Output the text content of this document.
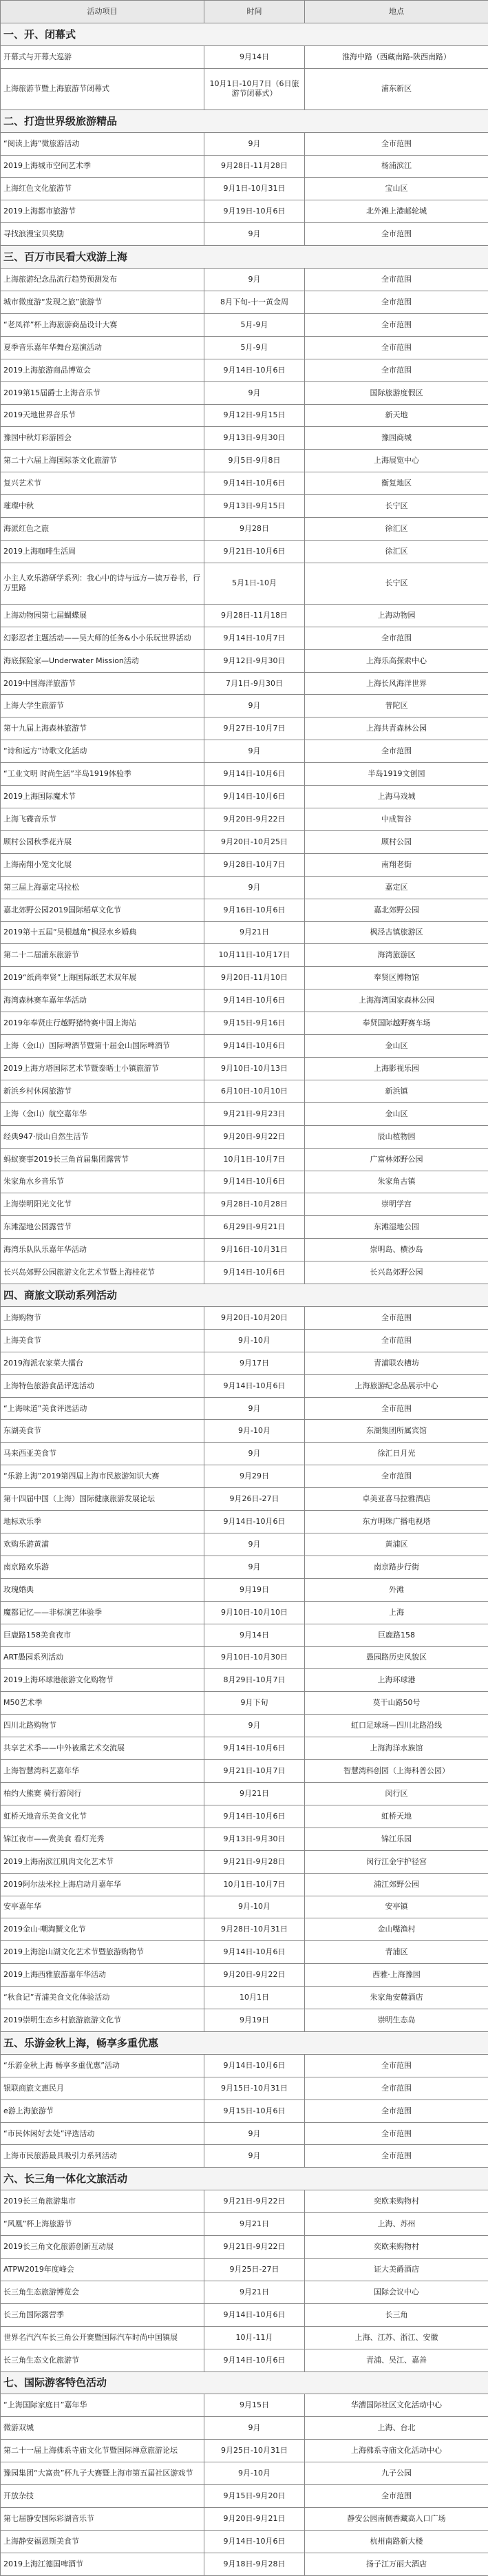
活动项目	时间	地点
一、开、闭幕式		
开幕式与开幕大巡游	9月14日	淮海中路（西藏南路-陕西南路）
上海旅游节暨上海旅游节闭幕式	10月1日-10月7日（6日旅游节闭幕式）	浦东新区
二、打造世界级旅游精品		
“阅读上海”微旅游活动	9月	全市范围
2019上海城市空间艺术季	9月28日-11月28日	杨浦滨江
上海红色文化旅游节	9月1日-10月31日	宝山区
2019上海都市旅游节	9月19日-10月6日	北外滩上港邮轮城
寻找浪漫宝贝奖励	9月	全市范围
三、百万市民看大戏游上海		
上海旅游纪念品流行趋势预测发布	9月	全市范围
城市微度游“发现之旅”旅游节	8月下旬-十一黄金周	全市范围
“老凤祥”杯上海旅游商品设计大赛	5月-9月	全市范围
夏季音乐嘉年华舞台巡演活动	5月-9月	全市范围
2019上海旅游商品博览会	9月14日-10月6日	全市范围
2019第15届爵士上海音乐节	9月	国际旅游度假区
2019天地世界音乐节	9月12日-9月15日	新天地
豫园中秋灯彩游园会	9月13日-9月30日	豫园商城
第二十六届上海国际茶文化旅游节	9月5日-9月8日	上海展览中心
复兴艺术节	9月14日-10月6日	衡复地区
璀璨中秋	9月13日-9月15日	长宁区
海派红色之旅	9月28日	徐汇区
2019上海咖啡生活周	9月21日-10月6日	徐汇区
小主人欢乐游研学系列：我心中的诗与远方—读万卷书，行万里路	5月1日-10月	长宁区
上海动物园第七届蝴蝶展	9月28日-11月18日	上海动物园
幻影忍者主题活动——吴大师的任务&小小乐玩世界活动	9月14日-10月7日	全市范围
海底探险家—Underwater Mission活动	9月12日-9月30日	上海乐高探索中心
2019中国海洋旅游节	7月1日-9月30日	上海长风海洋世界
上海大学生旅游节	9月	普陀区
第十九届上海森林旅游节	9月27日-10月7日	上海共青森林公园
“诗和远方”诗歌文化活动	9月	全市范围
“工业文明 时尚生活”半岛1919体验季	9月14日-10月6日	半岛1919文创园
2019上海国际魔术节	9月14日-10月6日	上海马戏城
上海飞碟音乐节	9月20日-9月22日	中成智谷
顾村公园秋季花卉展	9月20日-10月25日	顾村公园
上海南翔小笼文化展	9月28日-10月7日	南翔老街
第三届上海嘉定马拉松	9月	嘉定区
嘉北郊野公园2019国际稻草文化节	9月16日-10月6日	嘉北郊野公园
2019第十五届“吴根越角”枫泾水乡婚典	9月21日	枫泾古镇旅游区
第二十二届浦东旅游节	10月11日-10月17日	海湾旅游区
2019“纸尚奉贤”上海国际纸艺术双年展	9月20日-11月10日	奉贤区博物馆
海湾森林赛车嘉年华活动	9月14日-10月6日	上海海湾国家森林公园
2019年奉贤庄行越野猪特赛中国上海站	9月15日-9月16日	奉贤国际越野赛车场
上海（金山）国际啤酒节暨第十届金山国际啤酒节	9月14日-10月6日	金山区
2019上海方塔国际艺术节暨泰晤士小镇旅游节	9月10日-10月13日	上海影视乐园
新浜乡村休闲旅游节	6月10日-10月10日	新浜镇
上海（金山）航空嘉年华	9月21日-9月23日	金山区
经典947·辰山自然生活节	9月20日-9月22日	辰山植物园
蚂蚁赛事2019长三角首届集团露营节	10月1日-10月7日	广富林郊野公园
朱家角水乡音乐节	9月14日-10月6日	朱家角古镇
上海崇明阳光文化节	9月28日-10月28日	崇明学宫
东滩湿地公园露营节	6月29日-9月21日	东滩湿地公园
海湾乐队队乐嘉年华活动	9月16日-10月31日	崇明岛、横沙岛
长兴岛郊野公园旅游文化艺术节暨上海桂花节	9月14日-10月6日	长兴岛郊野公园
四、商旅文联动系列活动		
上海购物节	9月20日-10月20日	全市范围
上海美食节	9月-10月	全市范围
2019海派农家菜大擂台	9月17日	青浦联农槽坊
上海特色旅游食品评选活动	9月14日-10月6日	上海旅游纪念品展示中心
“上海味道”美食评选活动	9月	全市范围
东湖美食节	9月-10月	东湖集团所属宾馆
马来西亚美食节	9月	徐汇日月光
“乐游上海”2019第四届上海市民旅游知识大赛	9月29日	全市范围
第十四届中国（上海）国际健康旅游发展论坛	9月26日-27日	卓美亚喜马拉雅酒店
地标欢乐季	9月14日-10月6日	东方明珠广播电视塔
欢购乐游黄浦	9月	黄浦区
南京路欢乐游	9月	南京路步行街
玫瑰婚典	9月19日	外滩
魔都记忆——非标演艺体验季	9月10日-10月10日	上海
巨鹿路158美食夜市	9月14日	巨鹿路158
ART愚园系列活动	9月10日-10月30日	愚园路历史风貌区
2019上海环球港旅游文化购物节	8月29日-10月7日	上海环球港
M50艺术季	9月下旬	莫干山路50号
四川北路购物节	9月	虹口足球场—四川北路沿线
共享艺术季——中外被熏艺术交流展	9月14日-10月6日	上海海洋水族馆
上海智慧湾科艺嘉年华	9月21日-10月7日	智慧湾科创园（上海科普公园）
柏约大熊赛 骑行游闵行	9月21日	闵行区
虹桥天地音乐美食文化节	9月14日-10月6日	虹桥天地
锦江夜市——赏美食 看灯光秀	9月13日-9月30日	锦江乐园
2019上海南滨江肌肉文化艺术节	9月21日-9月28日	闵行江金宇护径宫
2019阿尔法米拉上海启动月嘉年华	10月1日-10月7日	浦江郊野公园
安亭嘉年华	9月-10月	安亭镇
2019金山·嘲淘蟹文化节	9月28日-10月31日	金山嘴渔村
2019上海淀山湖文化艺术节暨旅游购物节	9月14日-10月6日	青浦区
2019上海西雅旅游嘉年华活动	9月20日-9月22日	西雅·上海豫园
“秋食记”青浦美食文化体验活动	10月1日	朱家角安麓酒店
2019崇明生态乡村旅游旅游文化节	9月19日	崇明生态岛
五、乐游金秋上海，畅享多重优惠		
“乐游金秋上海 畅享多重优惠”活动	9月14日-10月6日	全市范围
银联商旅文惠民月	9月15日-10月31日	全市范围
e游上海旅游节	9月15日-10月6日	全市范围
“市民休闲好去处”评选活动	9月	全市范围
上海市民旅游最具吸引力系列活动	9月	全市范围
六、长三角一体化文旅活动		
2019长三角旅游集市	9月21日-9月22日	奕欧来购物村
“风凰”杯上海旅游节	9月21日	上海、苏州
2019长三角文化旅游创新互动展	9月21日-9月22日	奕欧来购物村
ATPW2019年度峰会	9月25日-27日	证大美爵酒店
长三角生态旅游博览会	9月21日	国际会议中心
长三角国际露营季	9月14日-10月6日	长三角
世界名汽汽车长三角公开赛暨国际汽车时尚中国镇展	10月-11月	上海、江苏、浙江、安徽
长三角生态文化旅游节	9月14日-10月6日	青浦、吴江、嘉善
七、国际游客特色活动		
“上海国际家庭日”嘉年华	9月15日	华漕国际社区文化活动中心
微游双城	9月	上海、台北
第二十一届上海佛系寺庙文化节暨国际禅意旅游论坛	9月25日-10月31日	上海佛系寺庙文化活动中心
豫园集团“大富贵”杯九子大赛暨上海市第五届社区游戏节	9月-10月	九子公园
开放杂技	9月15日-9月20日	全市范围
第七届静安国际彩湖音乐节	9月20日-9月21日	静安公园南侧香藏高入口广场
上海静安福恩斯美食节	9月14日-10月6日	杭州南路新大楼
2019上海江德国啤酒节	9月18日-9月28日	扬子江万丽大酒店
